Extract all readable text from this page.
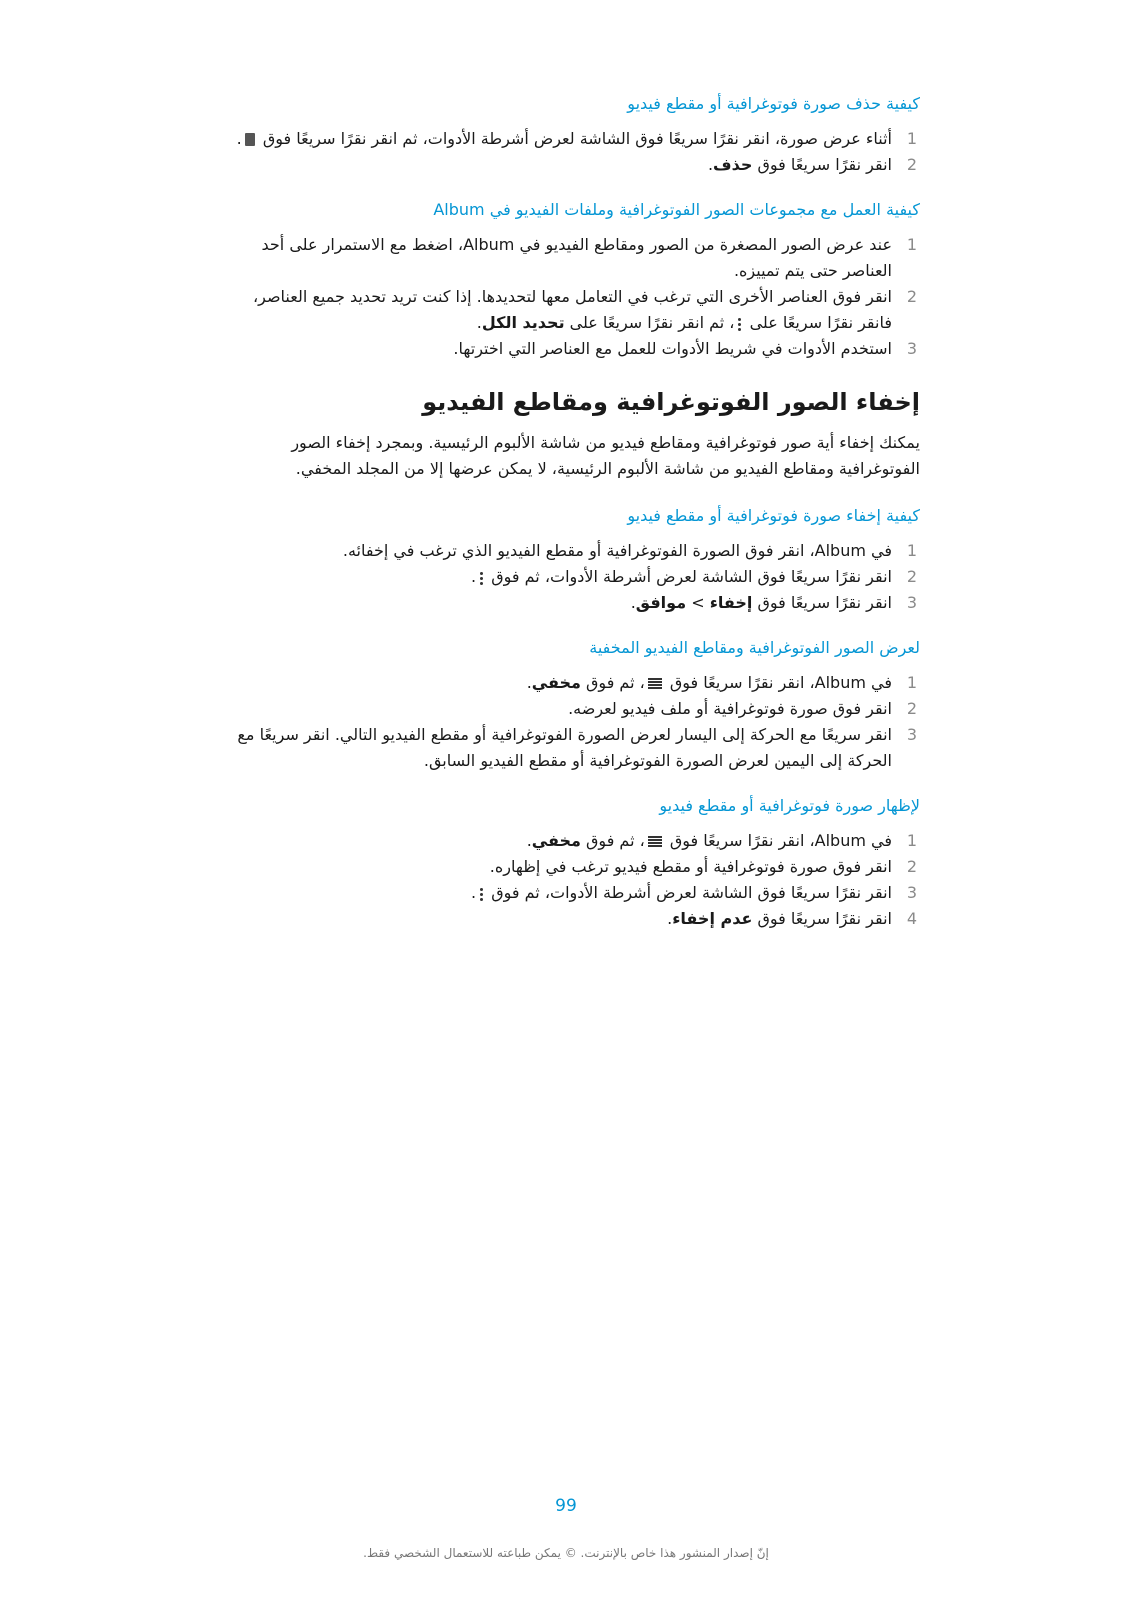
كيفية حذف صورة فوتوغرافية أو مقطع فيديو
1
أثناء عرض صورة، انقر نقرًا سريعًا فوق الشاشة لعرض أشرطة الأدوات، ثم انقر نقرًا سريعًا فوق .
2
انقر نقرًا سريعًا فوق حذف.
كيفية العمل مع مجموعات الصور الفوتوغرافية وملفات الفيديو في Album
1
عند عرض الصور المصغرة من الصور ومقاطع الفيديو في Album، اضغط مع الاستمرار على أحد العناصر حتى يتم تمييزه.
2
انقر فوق العناصر الأخرى التي ترغب في التعامل معها لتحديدها. إذا كنت تريد تحديد جميع العناصر، فانقر نقرًا سريعًا على
، ثم انقر نقرًا سريعًا على تحديد الكل.
3
استخدم الأدوات في شريط الأدوات للعمل مع العناصر التي اخترتها.
إخفاء الصور الفوتوغرافية ومقاطع الفيديو

يمكنك إخفاء أية صور فوتوغرافية ومقاطع فيديو من شاشة الألبوم الرئيسية. وبمجرد إخفاء الصور الفوتوغرافية ومقاطع الفيديو من شاشة الألبوم الرئيسية، لا يمكن عرضها إلا من المجلد المخفي.

كيفية إخفاء صورة فوتوغرافية أو مقطع فيديو
1
في Album، انقر فوق الصورة الفوتوغرافية أو مقطع الفيديو الذي ترغب في إخفائه.
2
انقر نقرًا سريعًا فوق الشاشة لعرض أشرطة الأدوات، ثم فوق
.
3
انقر نقرًا سريعًا فوق إخفاء > موافق.
لعرض الصور الفوتوغرافية ومقاطع الفيديو المخفية
1
في Album، انقر نقرًا سريعًا فوق
، ثم فوق مخفي.
2
انقر فوق صورة فوتوغرافية أو ملف فيديو لعرضه.
3
انقر سريعًا مع الحركة إلى اليسار لعرض الصورة الفوتوغرافية أو مقطع الفيديو التالي. انقر سريعًا مع الحركة إلى اليمين لعرض الصورة الفوتوغرافية أو مقطع الفيديو السابق.
لإظهار صورة فوتوغرافية أو مقطع فيديو
1
في Album، انقر نقرًا سريعًا فوق
، ثم فوق مخفي.
2
انقر فوق صورة فوتوغرافية أو مقطع فيديو ترغب في إظهاره.
3
انقر نقرًا سريعًا فوق الشاشة لعرض أشرطة الأدوات، ثم فوق
.
4
انقر نقرًا سريعًا فوق عدم إخفاء.
99
إنّ إصدار المنشور هذا خاص بالإنترنت. © يمكن طباعته للاستعمال الشخصي فقط.
